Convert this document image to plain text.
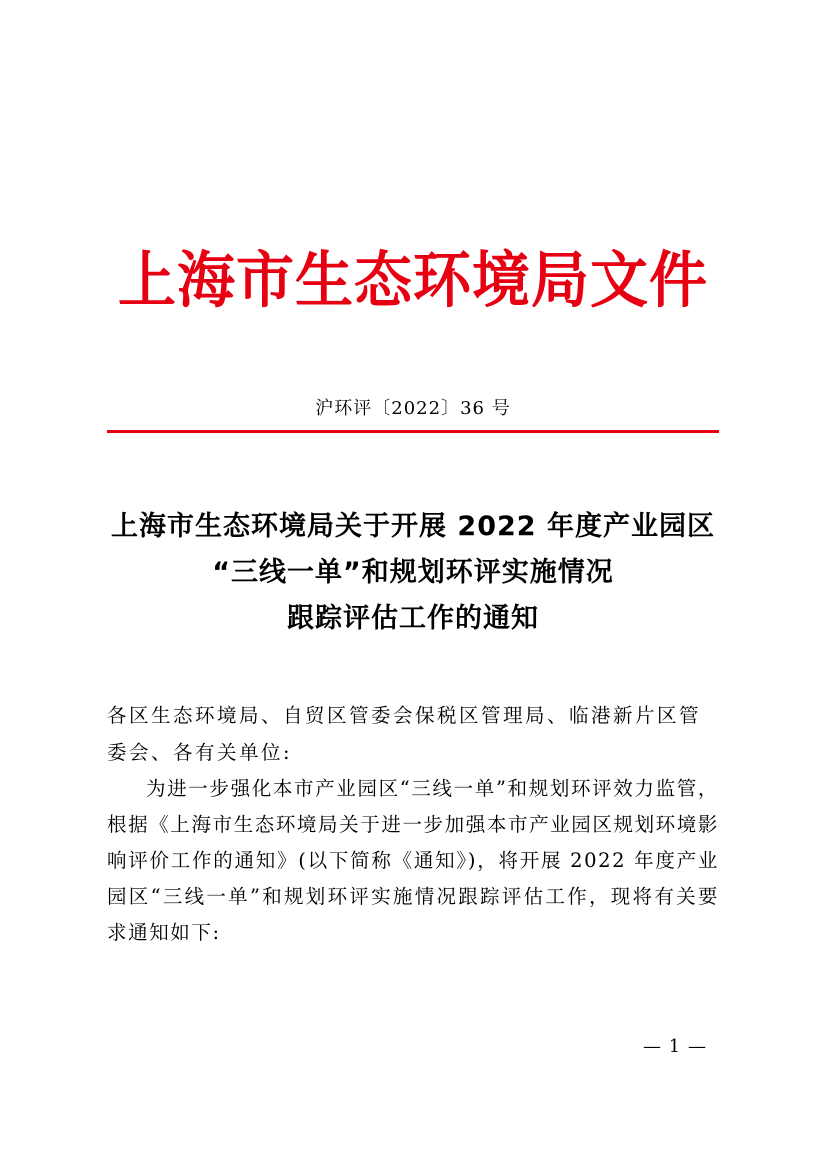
上海市生态环境局文件
沪环评〔2022〕36 号
上海市生态环境局关于开展 2022 年度产业园区
“三线一单”和规划环评实施情况
跟踪评估工作的通知

各区生态环境局、自贸区管委会保税区管理局、临港新片区管委会、各有关单位:

为进一步强化本市产业园区“三线一单”和规划环评效力监管，根据《上海市生态环境局关于进一步加强本市产业园区规划环境影响评价工作的通知》(以下简称《通知》)，将开展 2022 年度产业园区“三线一单”和规划环评实施情况跟踪评估工作，现将有关要求通知如下:

— 1 —
